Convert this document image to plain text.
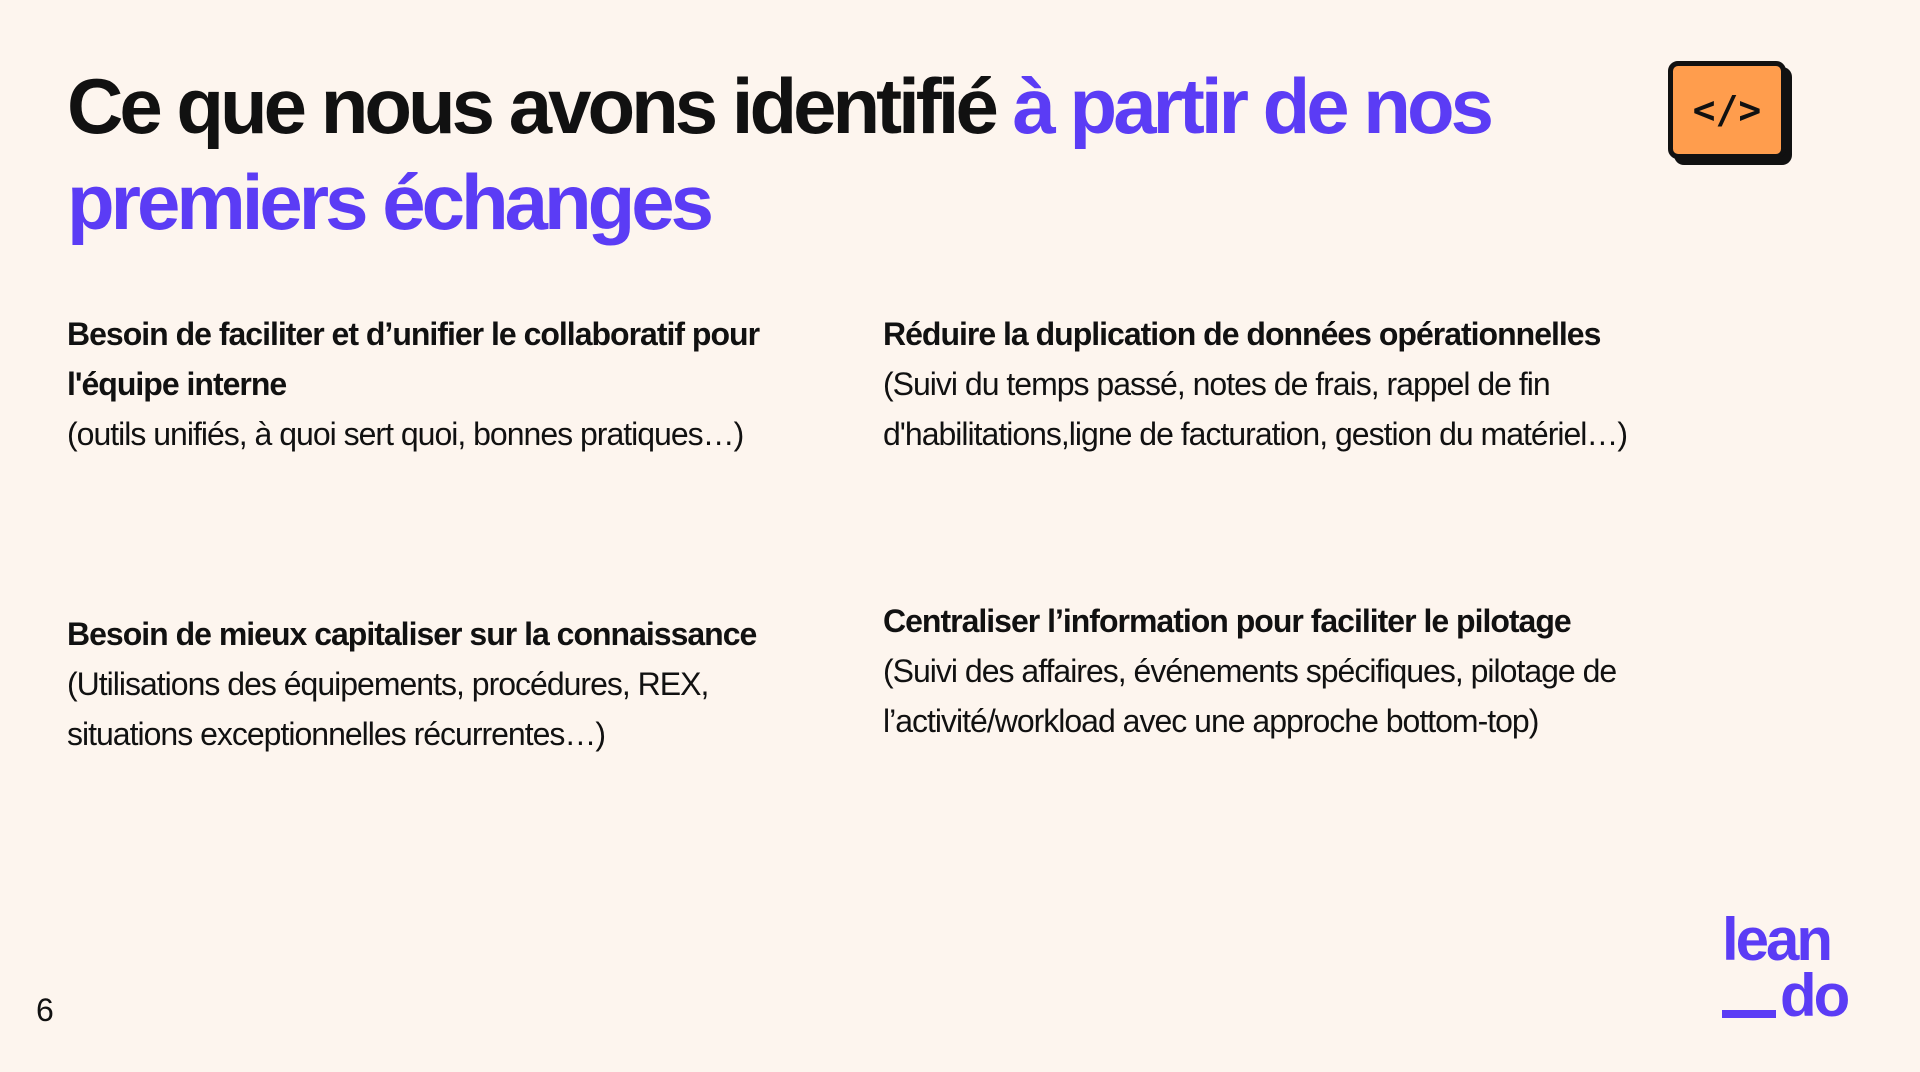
Ce que nous avons identifié à partir de nos premiers échanges
</>
Besoin de faciliter et d’unifier le collaboratif pour l'équipe interne
(outils unifiés, à quoi sert quoi, bonnes pratiques…)
Réduire la duplication de données opérationnelles (Suivi du temps passé, notes de frais, rappel de fin d'habilitations,ligne de facturation, gestion du matériel…)
Besoin de mieux capitaliser sur la connaissance (Utilisations des équipements, procédures, REX, situations exceptionnelles récurrentes…)
Centraliser l’information pour faciliter le pilotage (Suivi des affaires, événements spécifiques, pilotage de l’activité/workload avec une approche bottom-top)
6
lean
do
